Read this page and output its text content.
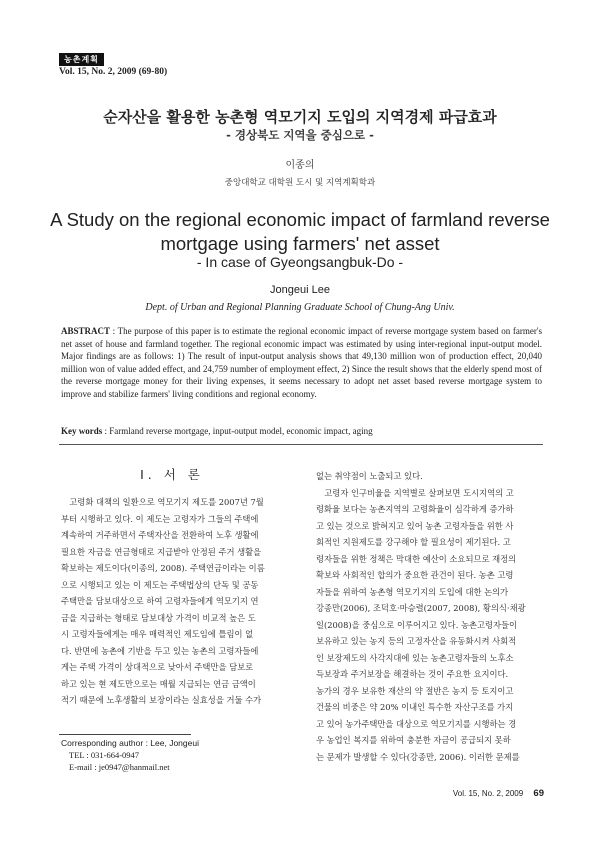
농촌계획
Vol. 15, No. 2, 2009 (69-80)
순자산을 활용한 농촌형 역모기지 도입의 지역경제 파급효과
- 경상북도 지역을 중심으로 -
이종의
중앙대학교 대학원 도시 및 지역계획학과
A Study on the regional economic impact of farmland reverse
mortgage using farmers' net asset
- In case of Gyeongsangbuk-Do -
Jongeui Lee
Dept. of Urban and Regional Planning Graduate School of Chung-Ang Univ.
ABSTRACT : The purpose of this paper is to estimate the regional economic impact of reverse mortgage system based on farmer's net asset of house and farmland together. The regional economic impact was estimated by using inter-regional input-output model. Major findings are as follows: 1) The result of input-output analysis shows that 49,130 million won of production effect, 20,040 million won of value added effect, and 24,759 number of employment effect, 2) Since the result shows that the elderly spend most of the reverse mortgage money for their living expenses, it seems necessary to adopt net asset based reverse mortgage system to improve and stabilize farmers' living conditions and regional economy.
Key words : Farmland reverse mortgage, input-output model, economic impact, aging
I. 서 론
　고령화 대책의 일환으로 역모기지 제도를 2007년 7월
부터 시행하고 있다. 이 제도는 고령자가 그들의 주택에
계속하여 거주하면서 주택자산을 전환하여 노후 생활에
필요한 자금을 연금형태로 지급받아 안정된 주거 생활을
확보하는 제도이다(이종의, 2008). 주택연금이라는 이름
으로 시행되고 있는 이 제도는 주택법상의 단독 및 공동
주택만을 담보대상으로 하여 고령자들에게 역모기지 연
금을 지급하는 형태로 담보대상 가격이 비교적 높은 도
시 고령자들에게는 매우 매력적인 제도임에 틀림이 없
다. 반면에 농촌에 기반을 두고 있는 농촌의 고령자들에
게는 주택 가격이 상대적으로 낮아서 주택만을 담보로
하고 있는 현 제도만으로는 매월 지급되는 연금 금액이
적기 때문에 노후생활의 보장이라는 실효성을 거둘 수가
없는 취약점이 노출되고 있다.
　고령자 인구비율을 지역별로 살펴보면 도시지역의 고
령화율 보다는 농촌지역의 고령화율이 심각하게 증가하
고 있는 것으로 밝혀지고 있어 농촌 고령자들을 위한 사
회적인 지원제도를 강구해야 할 필요성이 제기된다. 고
령자들을 위한 정책은 막대한 예산이 소요되므로 재정의
확보와 사회적인 합의가 중요한 관건이 된다. 농촌 고령
자들을 위하여 농촌형 역모기지의 도입에 대한 논의가
강종만(2006), 조덕호·마승렬(2007, 2008), 황의식·채광
일(2008)을 중심으로 이루어지고 있다. 농촌고령자들이
보유하고 있는 농지 등의 고정자산을 유동화시켜 사회적
인 보장제도의 사각지대에 있는 농촌고령자들의 노후소
득보장과 주거보장을 해결하는 것이 주요한 요지이다.
농가의 경우 보유한 재산의 약 절반은 농지 등 토지이고
건물의 비중은 약 20% 이내인 특수한 자산구조를 가지
고 있어 농가주택만을 대상으로 역모기지를 시행하는 경
우 농업인 복지를 위하여 충분한 자금이 공급되지 못하
는 문제가 발생할 수 있다(강종만, 2006). 이러한 문제를
Corresponding author : Lee, Jongeui
TEL : 031-664-0947
E-mail : je0947@hanmail.net
Vol. 15, No. 2, 2009 69
